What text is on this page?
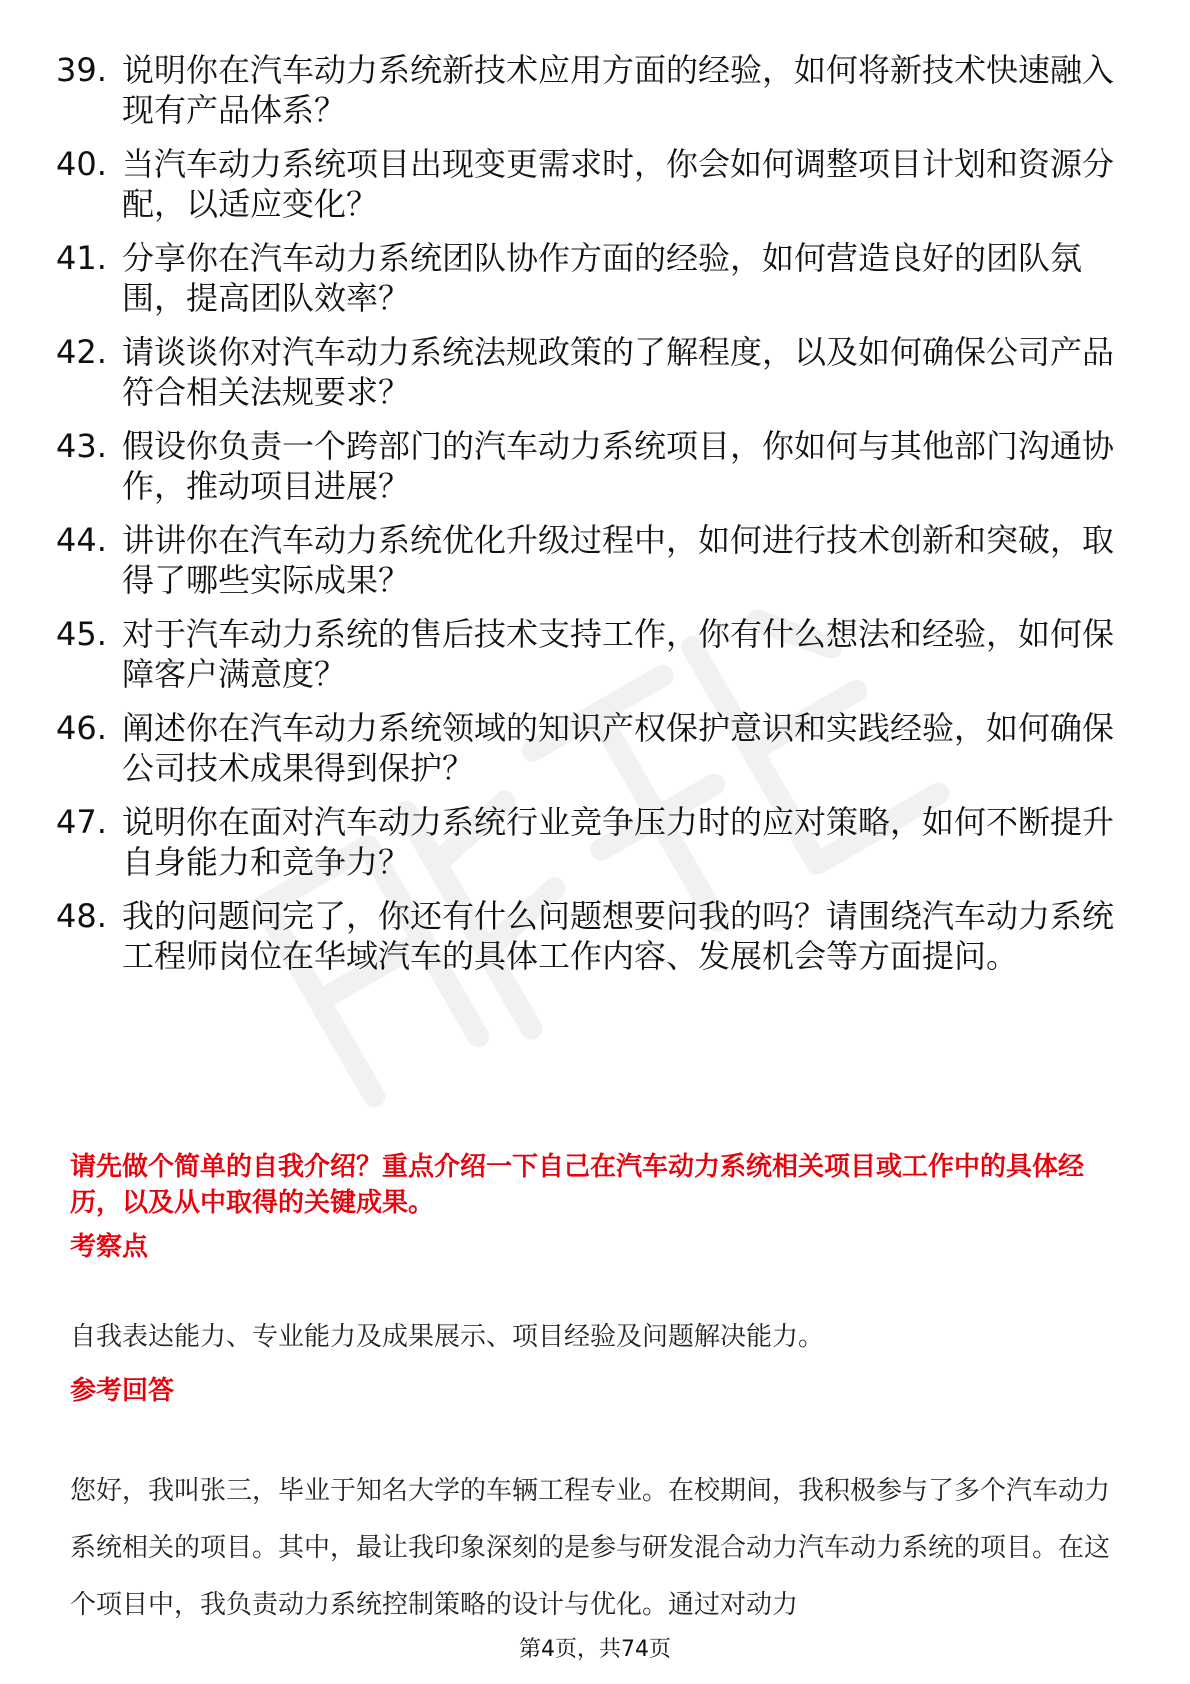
39. 说明你在汽车动力系统新技术应用方面的经验，如何将新技术快速融入现有产品体系？
40. 当汽车动力系统项目出现变更需求时，你会如何调整项目计划和资源分配，以适应变化？
41. 分享你在汽车动力系统团队协作方面的经验，如何营造良好的团队氛围，提高团队效率？
42. 请谈谈你对汽车动力系统法规政策的了解程度，以及如何确保公司产品符合相关法规要求？
43. 假设你负责一个跨部门的汽车动力系统项目，你如何与其他部门沟通协作，推动项目进展？
44. 讲讲你在汽车动力系统优化升级过程中，如何进行技术创新和突破，取得了哪些实际成果？
45. 对于汽车动力系统的售后技术支持工作，你有什么想法和经验，如何保障客户满意度？
46. 阐述你在汽车动力系统领域的知识产权保护意识和实践经验，如何确保公司技术成果得到保护？
47. 说明你在面对汽车动力系统行业竞争压力时的应对策略，如何不断提升自身能力和竞争力？
48. 我的问题问完了，你还有什么问题想要问我的吗？请围绕汽车动力系统工程师岗位在华域汽车的具体工作内容、发展机会等方面提问。
请先做个简单的自我介绍？重点介绍一下自己在汽车动力系统相关项目或工作中的具体经历，以及从中取得的关键成果。
考察点
自我表达能力、专业能力及成果展示、项目经验及问题解决能力。
参考回答
您好，我叫张三，毕业于知名大学的车辆工程专业。在校期间，我积极参与了多个汽车动力系统相关的项目。其中，最让我印象深刻的是参与研发混合动力汽车动力系统的项目。在这个项目中，我负责动力系统控制策略的设计与优化。通过对动力
第4页，共74页
